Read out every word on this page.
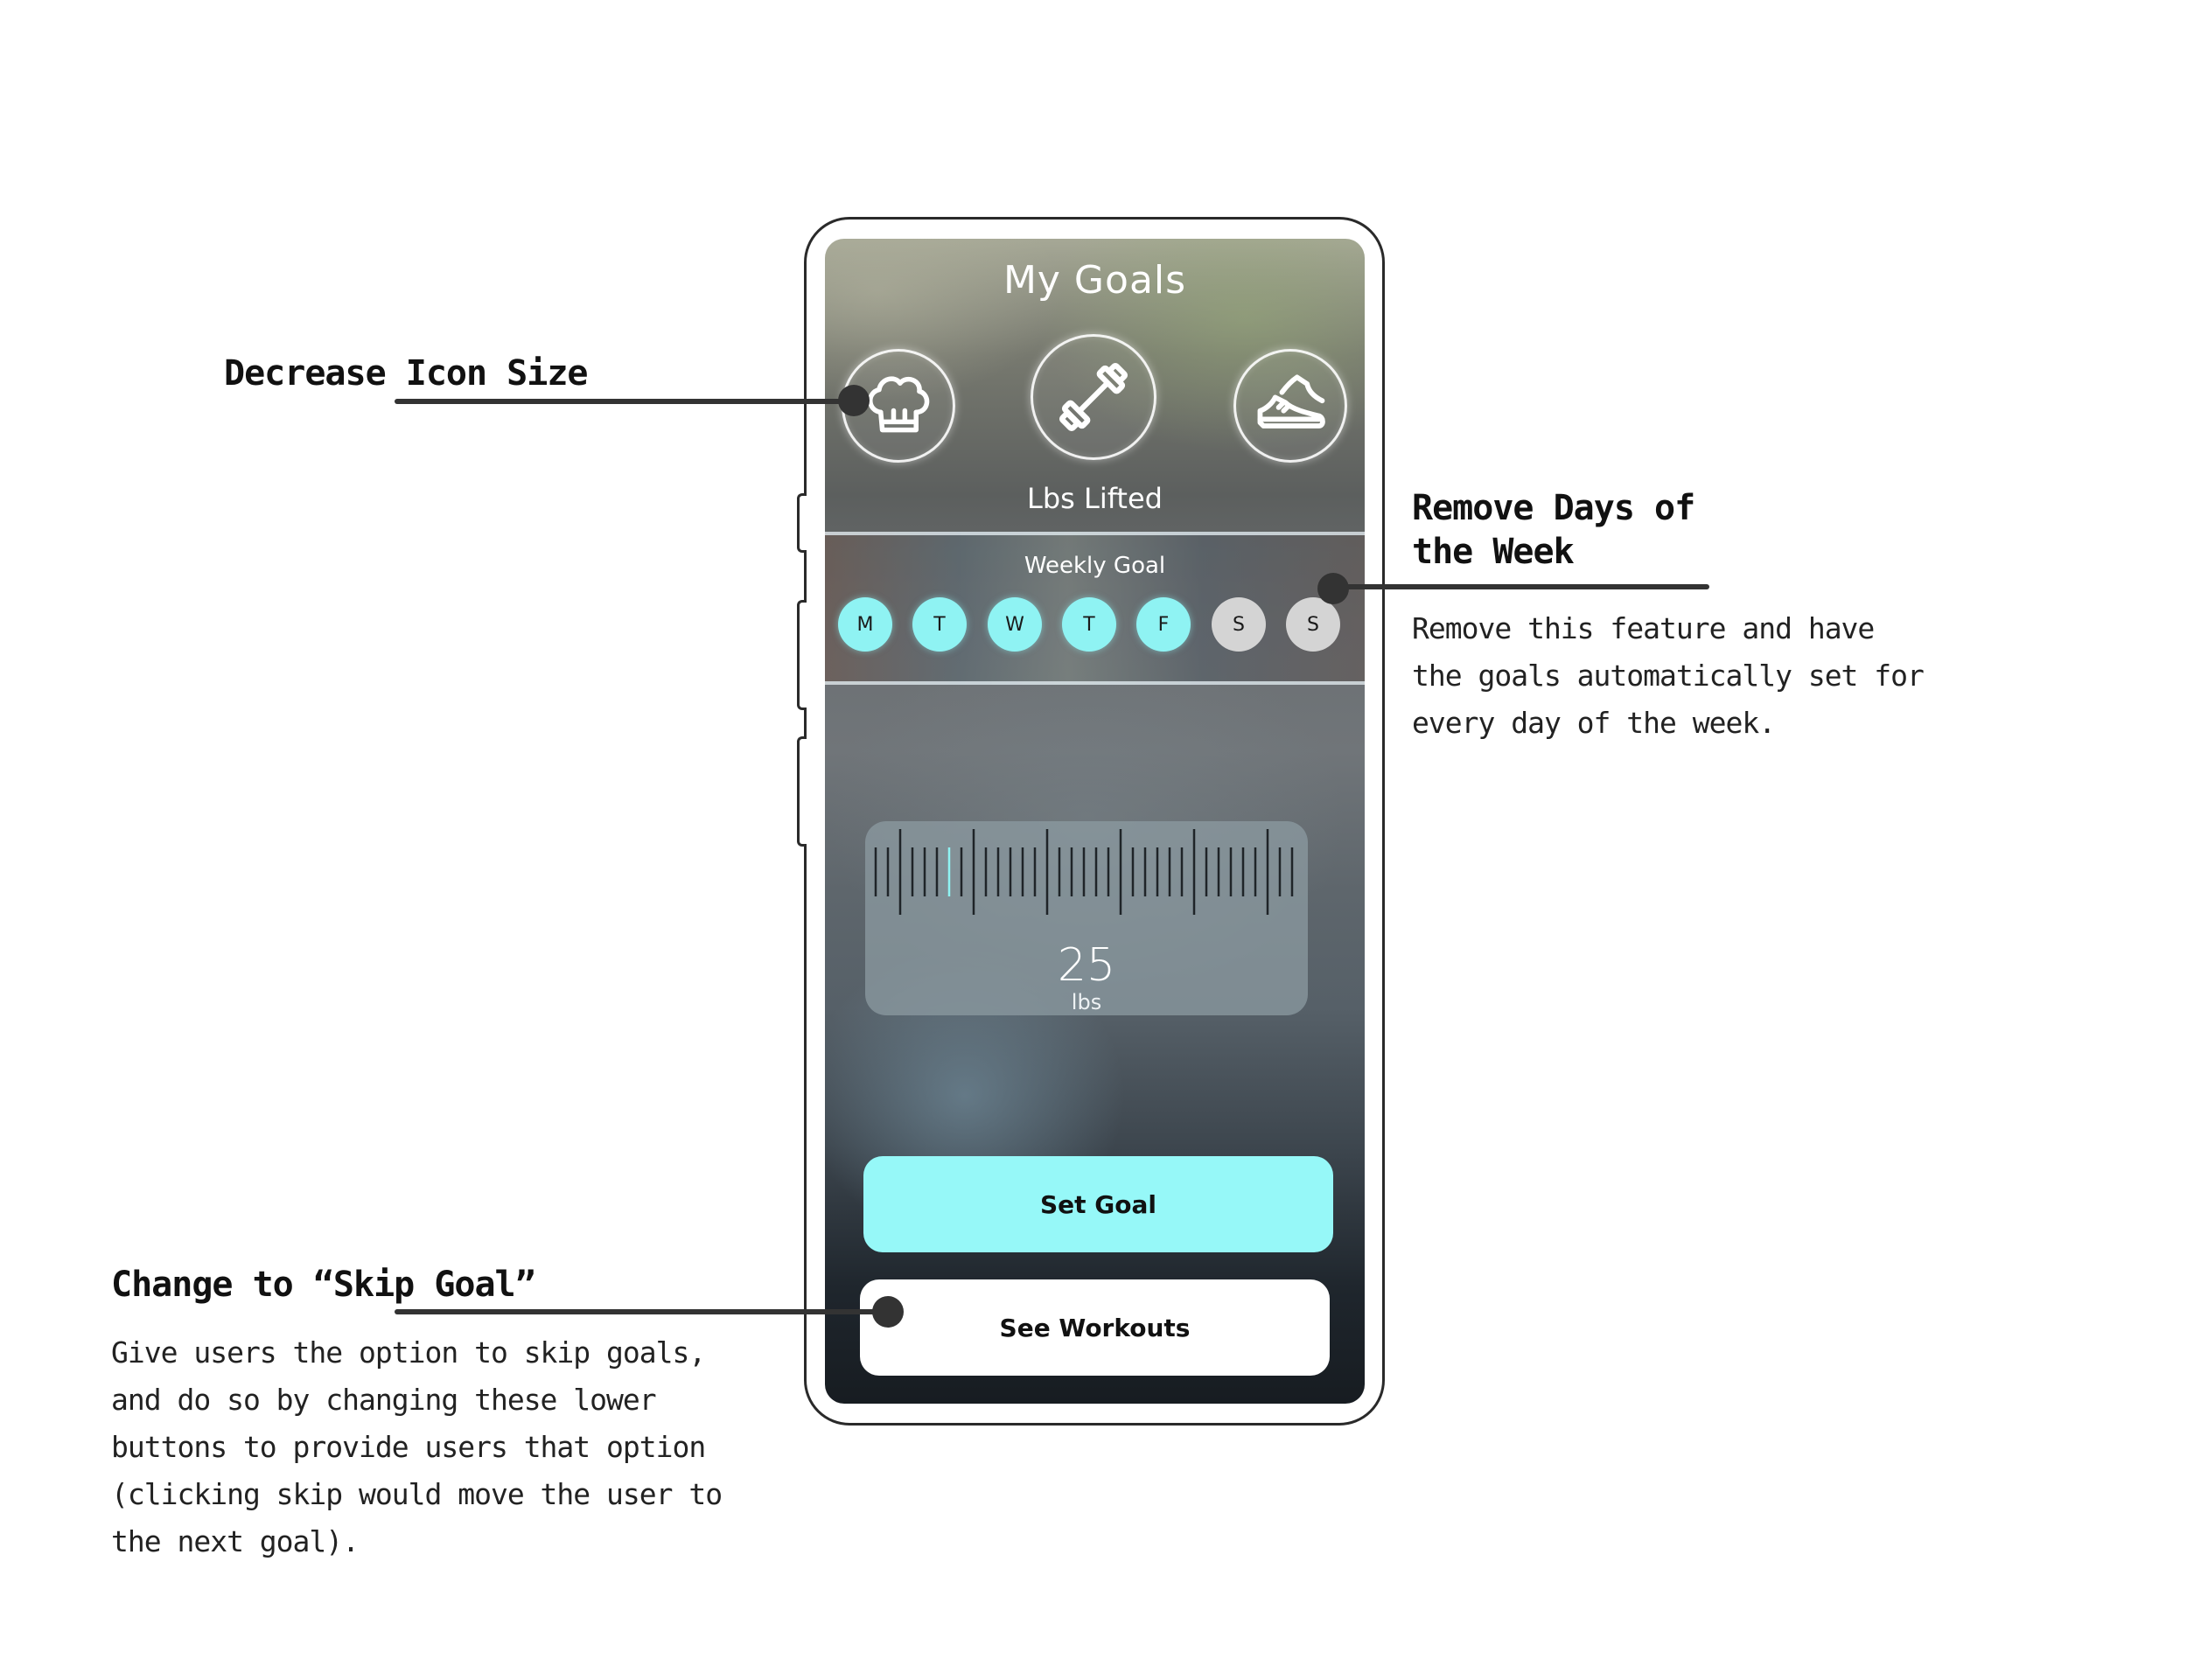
My Goals
Lbs Lifted
Weekly Goal
M	T	W	T	F	S	S
25
lbs
Set Goal
See Workouts
Decrease Icon Size
Remove Days of
the Week
Remove this feature and have
the goals automatically set for
every day of the week.
Change to “Skip Goal”
Give users the option to skip goals,
and do so by changing these lower
buttons to provide users that option
(clicking skip would move the user to
the next goal).
